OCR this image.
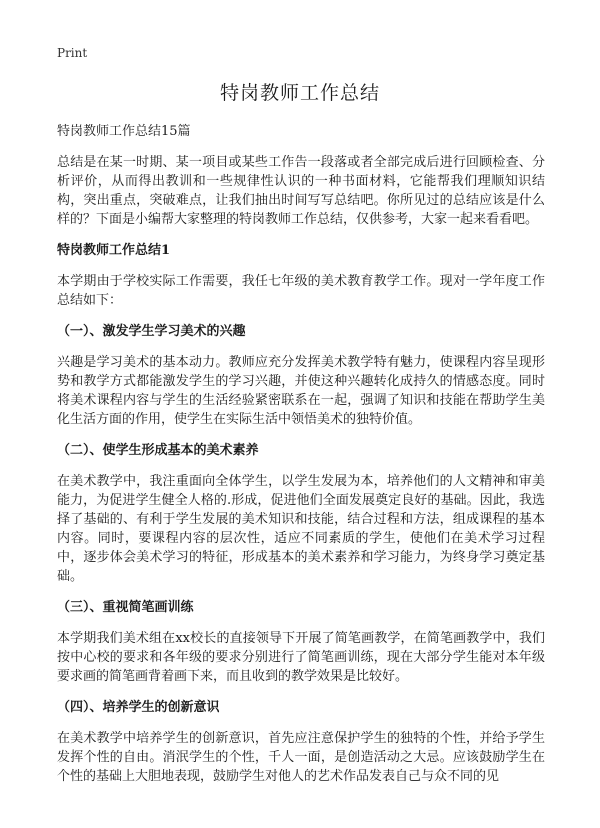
Print
特岗教师工作总结

特岗教师工作总结15篇

总结是在某一时期、某一项目或某些工作告一段落或者全部完成后进行回顾检查、分析评价，从而得出教训和一些规律性认识的一种书面材料，它能帮我们理顺知识结构，突出重点，突破难点，让我们抽出时间写写总结吧。你所见过的总结应该是什么样的？下面是小编帮大家整理的特岗教师工作总结，仅供参考，大家一起来看看吧。

特岗教师工作总结1

本学期由于学校实际工作需要，我任七年级的美术教育教学工作。现对一学年度工作总结如下：

（一）、激发学生学习美术的兴趣

兴趣是学习美术的基本动力。教师应充分发挥美术教学特有魅力，使课程内容呈现形势和教学方式都能激发学生的学习兴趣，并使这种兴趣转化成持久的情感态度。同时将美术课程内容与学生的生活经验紧密联系在一起，强调了知识和技能在帮助学生美化生活方面的作用，使学生在实际生活中领悟美术的独特价值。

（二）、使学生形成基本的美术素养

在美术教学中，我注重面向全体学生，以学生发展为本，培养他们的人文精神和审美能力，为促进学生健全人格的.形成，促进他们全面发展奠定良好的基础。因此，我选择了基础的、有利于学生发展的美术知识和技能，结合过程和方法，组成课程的基本内容。同时，要课程内容的层次性，适应不同素质的学生，使他们在美术学习过程中，逐步体会美术学习的特征，形成基本的美术素养和学习能力，为终身学习奠定基础。

（三）、重视简笔画训练

本学期我们美术组在xx校长的直接领导下开展了简笔画教学，在简笔画教学中，我们按中心校的要求和各年级的要求分别进行了简笔画训练，现在大部分学生能对本年级要求画的简笔画背着画下来，而且收到的教学效果是比较好。

（四）、培养学生的创新意识

在美术教学中培养学生的创新意识，首先应注意保护学生的独特的个性，并给予学生发挥个性的自由。消泯学生的个性，千人一面，是创造活动之大忌。应该鼓励学生在个性的基础上大胆地表现，鼓励学生对他人的艺术作品发表自己与众不同的见
